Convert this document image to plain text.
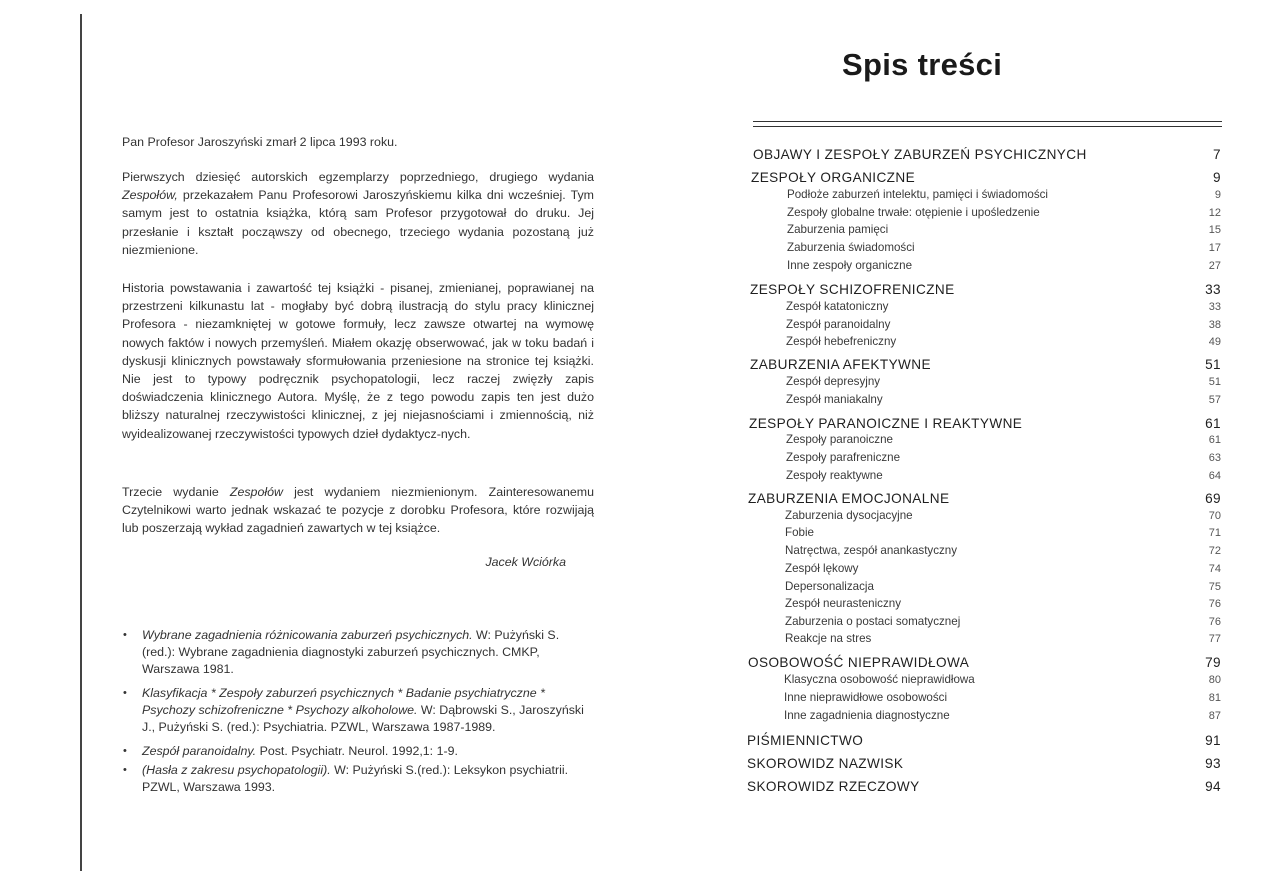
Pan Profesor Jaroszyński zmarł 2 lipca 1993 roku.

Pierwszych dziesięć autorskich egzemplarzy poprzedniego, drugiego wydania Zespołów, przekazałem Panu Profesorowi Jaroszyńskiemu kilka dni wcześniej. Tym samym jest to ostatnia książka, którą sam Profesor przygotował do druku. Jej przesłanie i kształt począwszy od obecnego, trzeciego wydania pozostaną już niezmienione.

Historia powstawania i zawartość tej książki - pisanej, zmienianej, poprawianej na przestrzeni kilkunastu lat - mogłaby być dobrą ilustracją do stylu pracy klinicznej Profesora - niezamkniętej w gotowe formuły, lecz zawsze otwartej na wymowę nowych faktów i nowych przemyśleń. Miałem okazję obserwować, jak w toku badań i dyskusji klinicznych powstawały sformułowania przeniesione na stronice tej książki. Nie jest to typowy podręcznik psychopatologii, lecz raczej zwięzły zapis doświadczenia klinicznego Autora. Myślę, że z tego powodu zapis ten jest dużo bliższy naturalnej rzeczywistości klinicznej, z jej niejasnościami i zmiennością, niż wyidealizowanej rzeczywistości typowych dzieł dydaktycz-nych.

Trzecie wydanie Zespołów jest wydaniem niezmienionym. Zainteresowanemu Czytelnikowi warto jednak wskazać te pozycje z dorobku Profesora, które rozwijają lub poszerzają wykład zagadnień zawartych w tej książce.

Jacek Wciórka
• Wybrane zagadnienia różnicowania zaburzeń psychicznych. W: Pużyński S. (red.): Wybrane zagadnienia diagnostyki zaburzeń psychicznych. CMKP, Warszawa 1981.
• Klasyfikacja * Zespoły zaburzeń psychicznych * Badanie psychiatryczne * Psychozy schizofreniczne * Psychozy alkoholowe. W: Dąbrowski S., Jaroszyński J., Pużyński S. (red.): Psychiatria. PZWL, Warszawa 1987-1989.
• Zespół paranoidalny. Post. Psychiatr. Neurol. 1992,1: 1-9.
• (Hasła z zakresu psychopatologii). W: Pużyński S.(red.): Leksykon psychiatrii. PZWL, Warszawa 1993.
Spis treści
OBJAWY I ZESPOŁY ZABURZEŃ PSYCHICZNYCH	7
ZESPOŁY ORGANICZNE	9
Podłoże zaburzeń intelektu, pamięci i świadomości	9
Zespoły globalne trwałe: otępienie i upośledzenie	12
Zaburzenia pamięci	15
Zaburzenia świadomości	17
Inne zespoły organiczne	27
ZESPOŁY SCHIZOFRENICZNE	33
Zespół katatoniczny	33
Zespół paranoidalny	38
Zespół hebefreniczny	49
ZABURZENIA AFEKTYWNE	51
Zespół depresyjny	51
Zespół maniakalny	57
ZESPOŁY PARANOICZNE I REAKTYWNE	61
Zespoły paranoiczne	61
Zespoły parafreniczne	63
Zespoły reaktywne	64
ZABURZENIA EMOCJONALNE	69
Zaburzenia dysocjacyjne	70
Fobie	71
Natręctwa, zespół anankastyczny	72
Zespół lękowy	74
Depersonalizacja	75
Zespół neurasteniczny	76
Zaburzenia o postaci somatycznej	76
Reakcje na stres	77
OSOBOWOŚĆ NIEPRAWIDŁOWA	79
Klasyczna osobowość nieprawidłowa	80
Inne nieprawidłowe osobowości	81
Inne zagadnienia diagnostyczne	87
PIŚMIENNICTWO	91
SKOROWIDZ NAZWISK	93
SKOROWIDZ RZECZOWY	94
